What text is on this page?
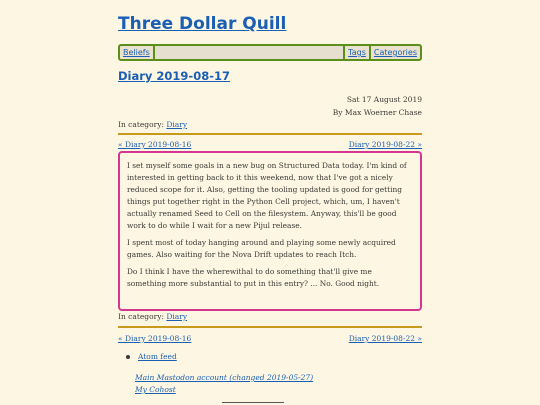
Three Dollar Quill
Beliefs	Tags	Categories
Diary 2019-08-17
Sat 17 August 2019
By Max Woerner Chase
In category: Diary
« Diary 2019-08-16	Diary 2019-08-22 »

I set myself some goals in a new bug on Structured Data today. I'm kind of interested in getting back to it this weekend, now that I've got a nicely reduced scope for it. Also, getting the tooling updated is good for getting things put together right in the Python Cell project, which, um, I haven't actually renamed Seed to Cell on the filesystem. Anyway, this'll be good work to do while I wait for a new Pijul release.

I spent most of today hanging around and playing some newly acquired games. Also waiting for the Nova Drift updates to reach Itch.

Do I think I have the wherewithal to do something that'll give me something more substantial to put in this entry? ... No. Good night.

In category: Diary
« Diary 2019-08-16	Diary 2019-08-22 »
Atom feed
Main Mastodon account (changed 2019-05-27)
My Cohost
